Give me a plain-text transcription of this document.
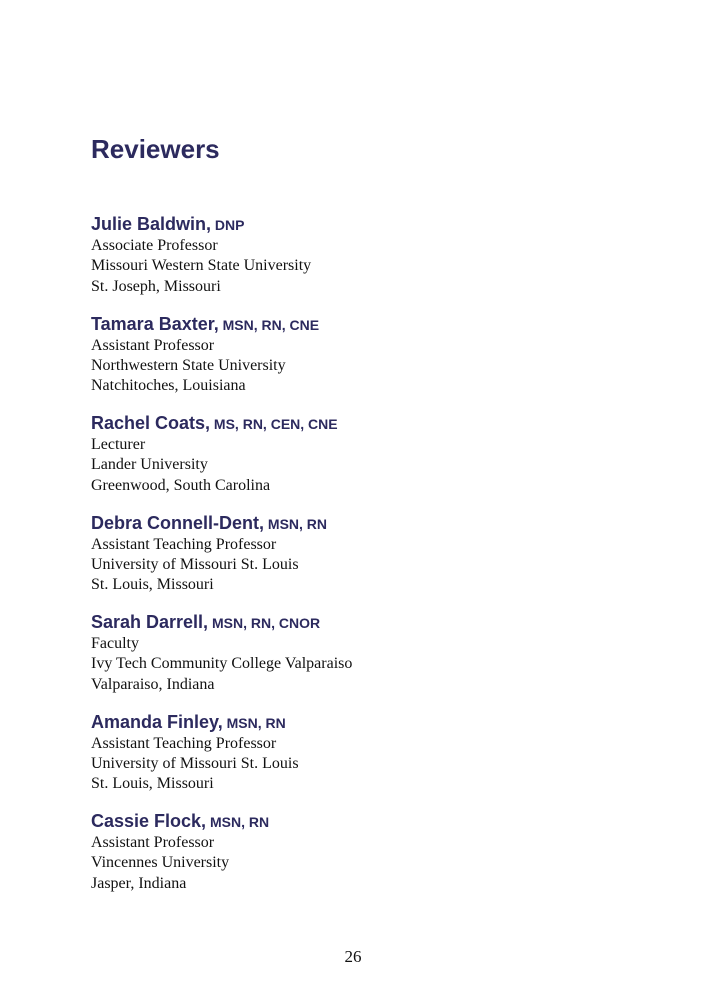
Reviewers
Julie Baldwin, DNP
Associate Professor
Missouri Western State University
St. Joseph, Missouri
Tamara Baxter, MSN, RN, CNE
Assistant Professor
Northwestern State University
Natchitoches, Louisiana
Rachel Coats, MS, RN, CEN, CNE
Lecturer
Lander University
Greenwood, South Carolina
Debra Connell-Dent, MSN, RN
Assistant Teaching Professor
University of Missouri St. Louis
St. Louis, Missouri
Sarah Darrell, MSN, RN, CNOR
Faculty
Ivy Tech Community College Valparaiso
Valparaiso, Indiana
Amanda Finley, MSN, RN
Assistant Teaching Professor
University of Missouri St. Louis
St. Louis, Missouri
Cassie Flock, MSN, RN
Assistant Professor
Vincennes University
Jasper, Indiana
26
